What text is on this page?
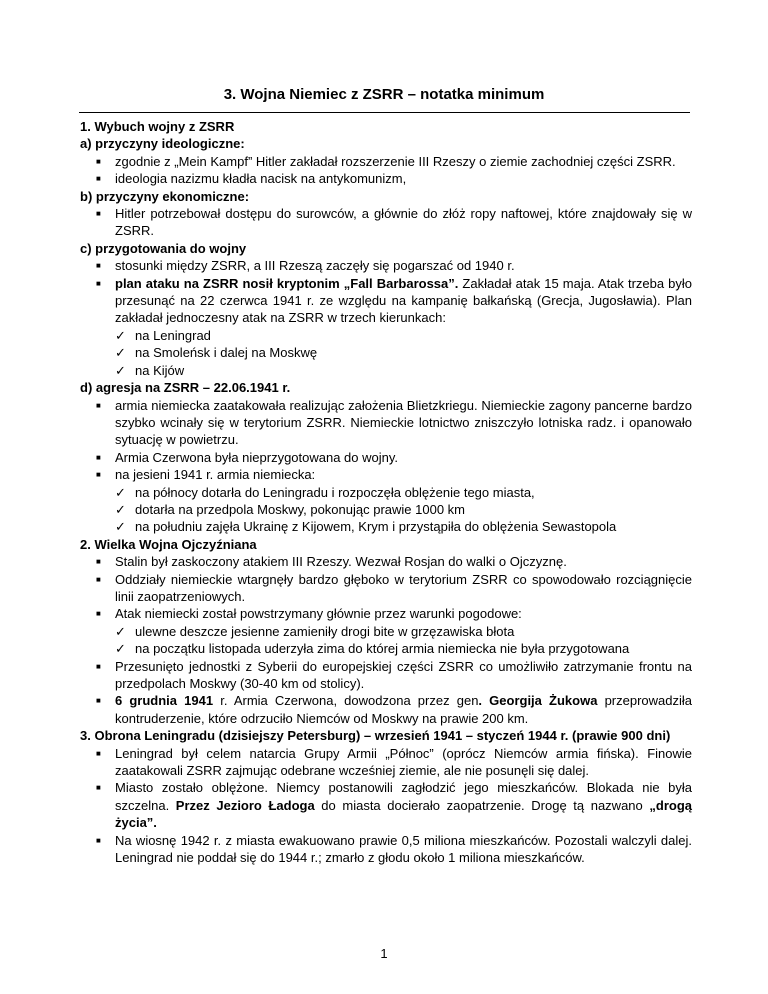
3. Wojna Niemiec z ZSRR – notatka minimum
1. Wybuch wojny z ZSRR
a) przyczyny ideologiczne:
■	zgodnie z „Mein Kampf” Hitler zakładał rozszerzenie III Rzeszy o ziemie zachodniej części ZSRR.
■	ideologia nazizmu kładła nacisk na antykomunizm,
b) przyczyny ekonomiczne:
■	Hitler potrzebował dostępu do surowców, a głównie do złóż ropy naftowej, które znajdowały się w ZSRR.
c) przygotowania do wojny
■	stosunki między ZSRR, a III Rzeszą zaczęły się pogarszać od 1940 r.
■	plan ataku na ZSRR nosił kryptonim „Fall Barbarossa”. Zakładał atak 15 maja. Atak trzeba było przesunąć na 22 czerwca 1941 r. ze względu na kampanię bałkańską (Grecja, Jugosławia). Plan zakładał jednoczesny atak na ZSRR w trzech kierunkach:
✓ na Leningrad
✓ na Smoleńsk i dalej na Moskwę
✓ na Kijów
d) agresja na ZSRR – 22.06.1941 r.
■	armia niemiecka zaatakowała realizując założenia Blietzkriegu. Niemieckie zagony pancerne bardzo szybko wcinały się w terytorium ZSRR. Niemieckie lotnictwo zniszczyło lotniska radz. i opanowało sytuację w powietrzu.
■	Armia Czerwona była nieprzygotowana do wojny.
■	na jesieni 1941 r. armia niemiecka:
✓ na północy dotarła do Leningradu i rozpoczęła oblężenie tego miasta,
✓ dotarła na przedpola Moskwy, pokonując prawie 1000 km
✓ na południu zajęła Ukrainę z Kijowem, Krym i przystąpiła do oblężenia Sewastopola
2. Wielka Wojna Ojczyźniana
■	Stalin był zaskoczony atakiem III Rzeszy. Wezwał Rosjan do walki o Ojczyznę.
■	Oddziały niemieckie wtargnęły bardzo głęboko w terytorium ZSRR co spowodowało rozciągnięcie linii zaopatrzeniowych.
■	Atak niemiecki został powstrzymany głównie przez warunki pogodowe:
✓ ulewne deszcze jesienne zamieniły drogi bite w grzęzawiska błota
✓ na początku listopada uderzyła zima do której armia niemiecka nie była przygotowana
■	Przesunięto jednostki z Syberii do europejskiej części ZSRR co umożliwiło zatrzymanie frontu na przedpolach Moskwy (30-40 km od stolicy).
■	6 grudnia 1941 r. Armia Czerwona, dowodzona przez gen. Georgija Żukowa przeprowadziła kontruderzenie, które odrzuciło Niemców od Moskwy na prawie 200 km.
3. Obrona Leningradu (dzisiejszy Petersburg) – wrzesień 1941 – styczeń 1944 r. (prawie 900 dni)
■	Leningrad był celem natarcia Grupy Armii „Północ” (oprócz Niemców armia fińska). Finowie zaatakowali ZSRR zajmując odebrane wcześniej ziemie, ale nie posunęli się dalej.
■	Miasto zostało oblężone. Niemcy postanowili zagłodzić jego mieszkańców. Blokada nie była szczelna. Przez Jezioro Ładoga do miasta docierało zaopatrzenie. Drogę tą nazwano „drogą życia”.
■	Na wiosnę 1942 r. z miasta ewakuowano prawie 0,5 miliona mieszkańców. Pozostali walczyli dalej. Leningrad nie poddał się do 1944 r.; zmarło z głodu około 1 miliona mieszkańców.
1
